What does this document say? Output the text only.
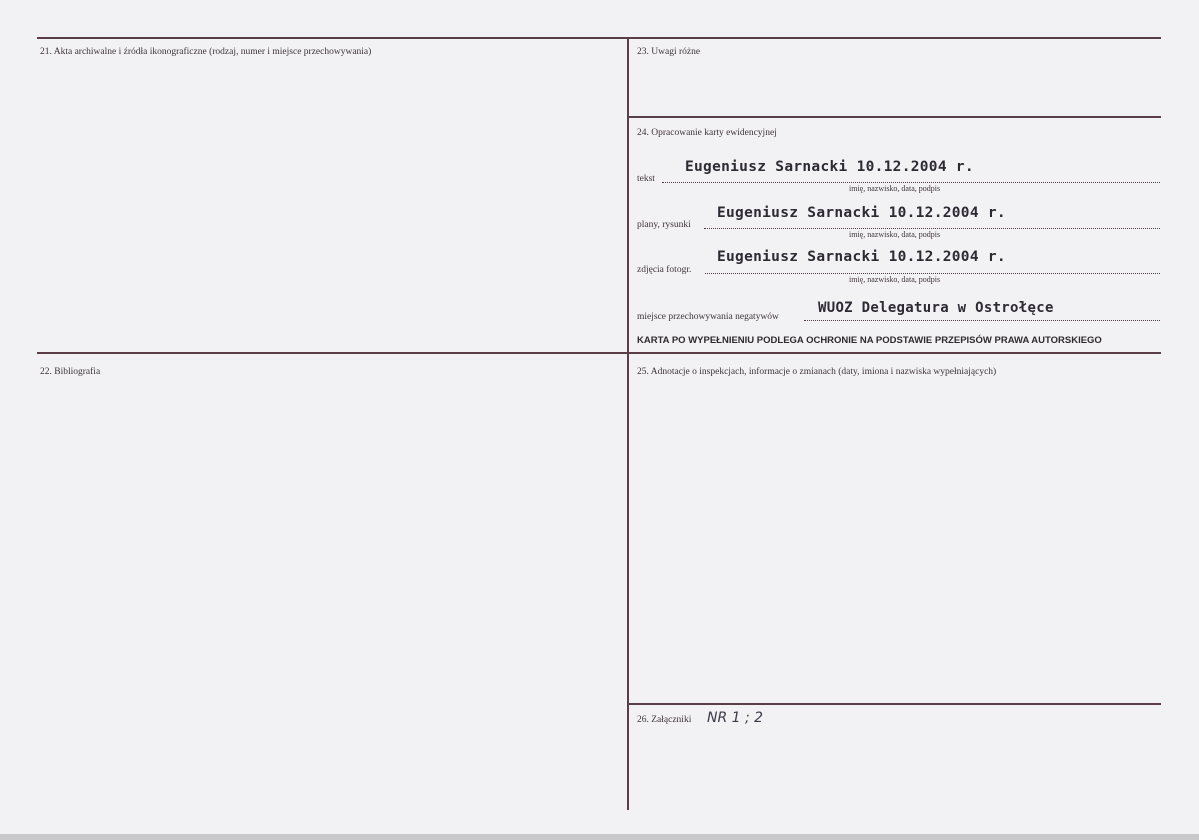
21. Akta archiwalne i źródła ikonograficzne (rodzaj, numer i miejsce przechowywania)
22. Bibliografia
23. Uwagi różne
24. Opracowanie karty ewidencyjnej
Eugeniusz Sarnacki 10.12.2004 r.
tekst
imię, nazwisko, data, podpis
Eugeniusz Sarnacki 10.12.2004 r.
plany, rysunki
imię, nazwisko, data, podpis
Eugeniusz Sarnacki 10.12.2004 r.
zdjęcia fotogr.
imię, nazwisko, data, podpis
WUOZ Delegatura w Ostrołęce
miejsce przechowywania negatywów
KARTA PO WYPEŁNIENIU PODLEGA OCHRONIE NA PODSTAWIE PRZEPISÓW PRAWA AUTORSKIEGO
25. Adnotacje o inspekcjach, informacje o zmianach (daty, imiona i nazwiska wypełniających)
26. Załączniki NR 1 ; 2
